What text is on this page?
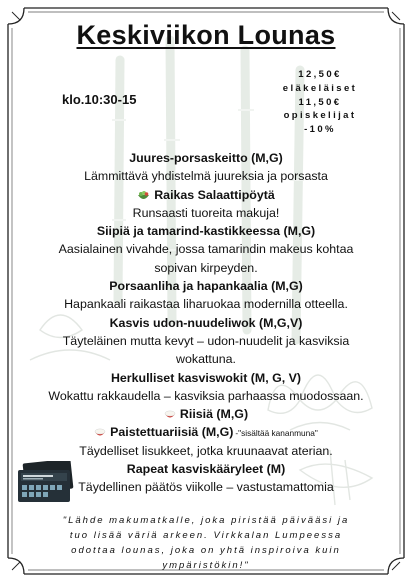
Keskiviikon Lounas
klo.10:30-15
12,50€
eläkeläiset
11,50€
opiskelijat
-10%
Juures-porsaskeitto (M,G)
Lämmittävä yhdistelmä juureksia ja porsasta
Raikas Salaattipöytä
Runsaasti tuoreita makuja!
Siipiä ja tamarind-kastikkeessa (M,G)
Aasialainen vivahde, jossa tamarindin makeus kohtaa
sopivan kirpeyden.
Porsaanliha ja hapankaalia (M,G)
Hapankaali raikastaa liharuokaa modernilla otteella.
Kasvis udon-nuudeliwok (M,G,V)
Täyteläinen mutta kevyt – udon-nuudelit ja kasviksia
wokattuna.
Herkulliset kasviswokit (M, G, V)
Wokattu rakkaudella – kasviksia parhaassa muodossaan.
Riisiä (M,G)
Paistettuariisiä (M,G) -"sisältää kananmuna"
Täydelliset lisukkeet, jotka kruunaavat aterian.
Rapeat kasviskääryleet (M)
Täydellinen päätös viikolle – vastustamattomia
"Lähde makumatkalle, joka piristää päivääsi ja
tuo lisää väriä arkeen. Virkkalan Lumpeessa
odottaa lounas, joka on yhtä inspiroiva kuin
ympäristökin!"
